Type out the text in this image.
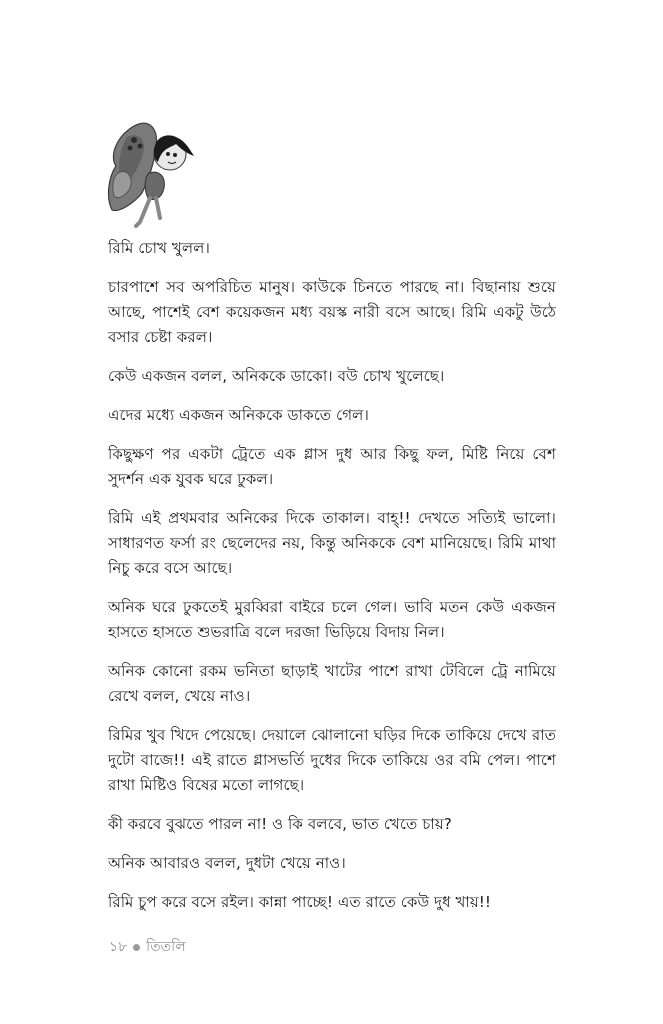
রিমি চোখ খুলল।

চারপাশে সব অপরিচিত মানুষ। কাউকে চিনতে পারছে না। বিছানায় শুয়ে আছে, পাশেই বেশ কয়েকজন মধ্য বয়স্ক নারী বসে আছে। রিমি একটু উঠে বসার চেষ্টা করল।

কেউ একজন বলল, অনিককে ডাকো। বউ চোখ খুলেছে।

এদের মধ্যে একজন অনিককে ডাকতে গেল।

কিছুক্ষণ পর একটা ট্রেতে এক গ্লাস দুধ আর কিছু ফল, মিষ্টি নিয়ে বেশ সুদর্শন এক যুবক ঘরে ঢুকল।

রিমি এই প্রথমবার অনিকের দিকে তাকাল। বাহ্!! দেখতে সত্যিই ভালো। সাধারণত ফর্সা রং ছেলেদের নয়, কিন্তু অনিককে বেশ মানিয়েছে। রিমি মাথা নিচু করে বসে আছে।

অনিক ঘরে ঢুকতেই মুরব্বিরা বাইরে চলে গেল। ভাবি মতন কেউ একজন হাসতে হাসতে শুভরাত্রি বলে দরজা ভিড়িয়ে বিদায় নিল।

অনিক কোনো রকম ভনিতা ছাড়াই খাটের পাশে রাখা টেবিলে ট্রে নামিয়ে রেখে বলল, খেয়ে নাও।

রিমির খুব খিদে পেয়েছে। দেয়ালে ঝোলানো ঘড়ির দিকে তাকিয়ে দেখে রাত দুটো বাজে!! এই রাতে গ্লাসভর্তি দুধের দিকে তাকিয়ে ওর বমি পেল। পাশে রাখা মিষ্টিও বিষের মতো লাগছে।

কী করবে বুঝতে পারল না! ও কি বলবে, ভাত খেতে চায়?

অনিক আবারও বলল, দুধটা খেয়ে নাও।

রিমি চুপ করে বসে রইল। কান্না পাচ্ছে! এত রাতে কেউ দুধ খায়!!

১৮ তিতলি
